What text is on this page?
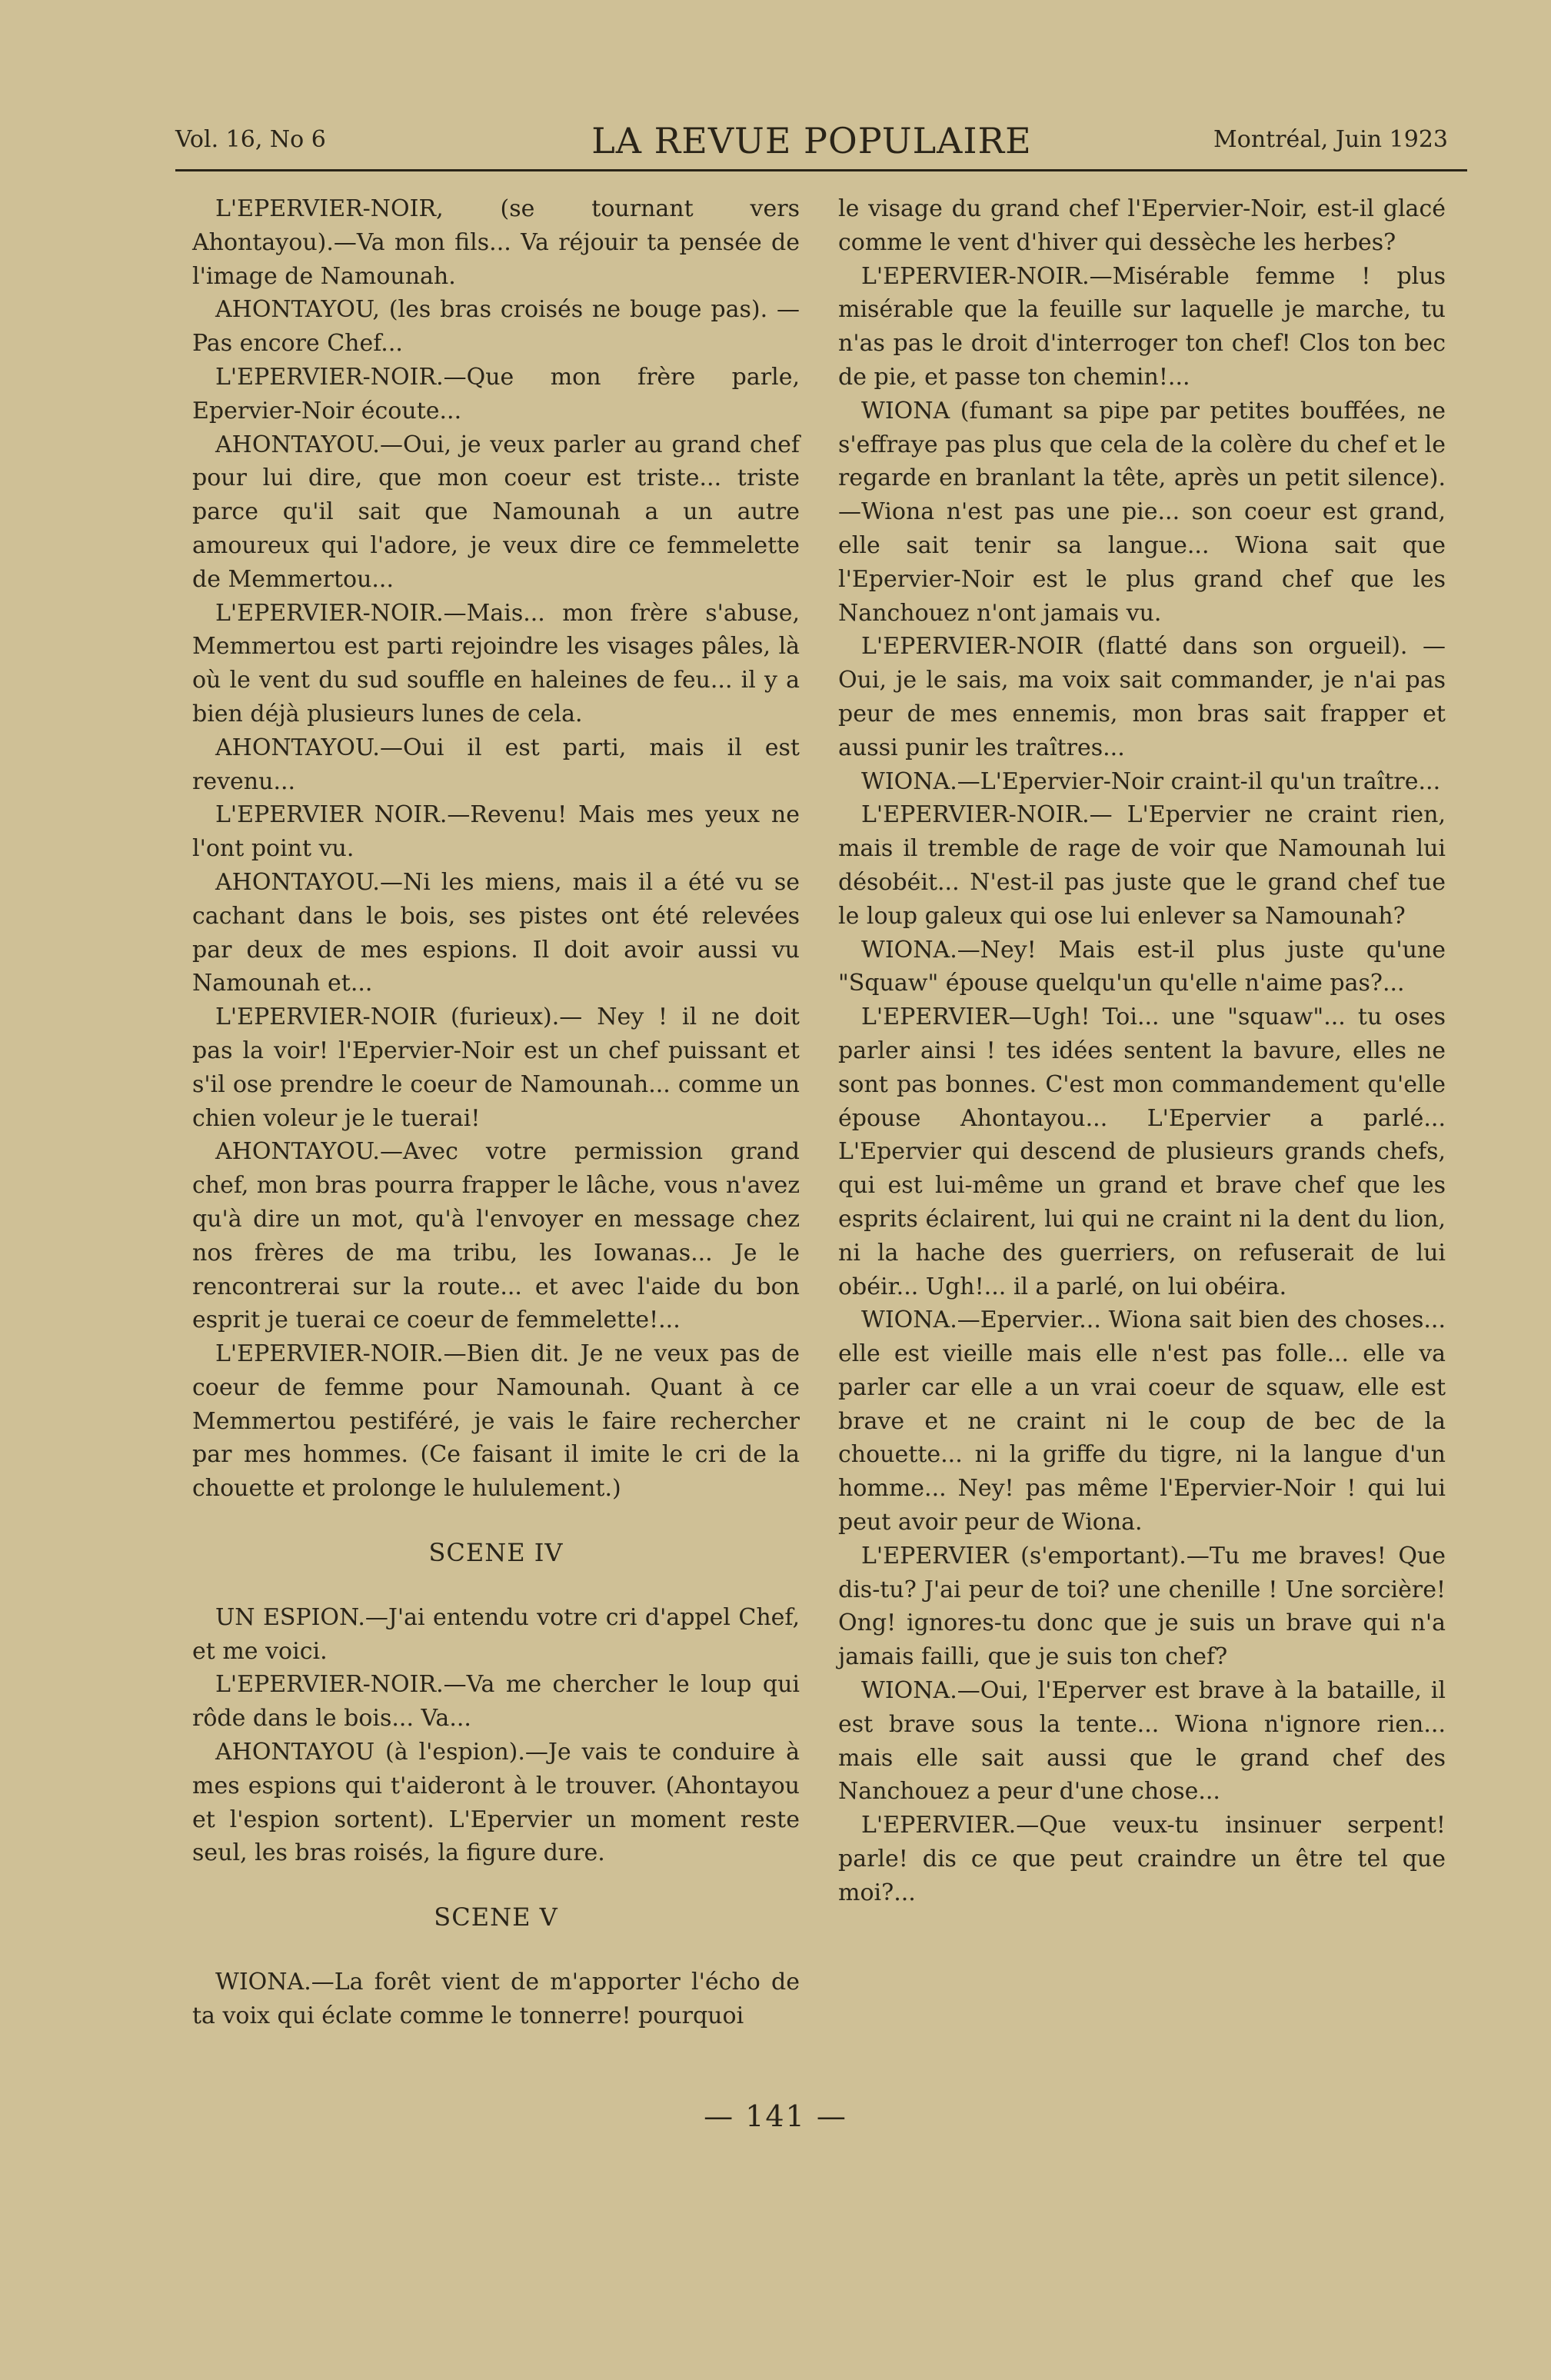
Vol. 16, No 6	LA REVUE POPULAIRE	Montréal, Juin 1923

L'EPERVIER-NOIR, (se tournant vers Ahontayou).—Va mon fils... Va réjouir ta pensée de l'image de Namounah.

AHONTAYOU, (les bras croisés ne bouge pas). —Pas encore Chef...

L'EPERVIER-NOIR.—Que mon frère parle, Epervier-Noir écoute...

AHONTAYOU.—Oui, je veux parler au grand chef pour lui dire, que mon coeur est triste... triste parce qu'il sait que Namounah a un autre amoureux qui l'adore, je veux dire ce femmelette de Memmertou...

L'EPERVIER-NOIR.—Mais... mon frère s'abuse, Memmertou est parti rejoindre les visages pâles, là où le vent du sud souffle en haleines de feu... il y a bien déjà plusieurs lunes de cela.

AHONTAYOU.—Oui il est parti, mais il est revenu...

L'EPERVIER NOIR.—Revenu! Mais mes yeux ne l'ont point vu.

AHONTAYOU.—Ni les miens, mais il a été vu se cachant dans le bois, ses pistes ont été relevées par deux de mes espions. Il doit avoir aussi vu Namounah et...

L'EPERVIER-NOIR (furieux).— Ney ! il ne doit pas la voir! l'Epervier-Noir est un chef puissant et s'il ose prendre le coeur de Namounah... comme un chien voleur je le tuerai!

AHONTAYOU.—Avec votre permission grand chef, mon bras pourra frapper le lâche, vous n'avez qu'à dire un mot, qu'à l'envoyer en message chez nos frères de ma tribu, les Iowanas... Je le rencontrerai sur la route... et avec l'aide du bon esprit je tuerai ce coeur de femmelette!...

L'EPERVIER-NOIR.—Bien dit. Je ne veux pas de coeur de femme pour Namounah. Quant à ce Memmertou pestiféré, je vais le faire rechercher par mes hommes. (Ce faisant il imite le cri de la chouette et prolonge le hululement.)

SCENE IV

UN ESPION.—J'ai entendu votre cri d'appel Chef, et me voici.

L'EPERVIER-NOIR.—Va me chercher le loup qui rôde dans le bois... Va...

AHONTAYOU (à l'espion).—Je vais te conduire à mes espions qui t'aideront à le trouver. (Ahontayou et l'espion sortent). L'Epervier un moment reste seul, les bras roisés, la figure dure.

SCENE V

WIONA.—La forêt vient de m'apporter l'écho de ta voix qui éclate comme le tonnerre! pourquoi

le visage du grand chef l'Epervier-Noir, est-il glacé comme le vent d'hiver qui dessèche les herbes?

L'EPERVIER-NOIR.—Misérable femme ! plus misérable que la feuille sur laquelle je marche, tu n'as pas le droit d'interroger ton chef! Clos ton bec de pie, et passe ton chemin!...

WIONA (fumant sa pipe par petites bouffées, ne s'effraye pas plus que cela de la colère du chef et le regarde en branlant la tête, après un petit silence).—Wiona n'est pas une pie... son coeur est grand, elle sait tenir sa langue... Wiona sait que l'Epervier-Noir est le plus grand chef que les Nanchouez n'ont jamais vu.

L'EPERVIER-NOIR (flatté dans son orgueil). —Oui, je le sais, ma voix sait commander, je n'ai pas peur de mes ennemis, mon bras sait frapper et aussi punir les traîtres...

WIONA.—L'Epervier-Noir craint-il qu'un traître...

L'EPERVIER-NOIR.— L'Epervier ne craint rien, mais il tremble de rage de voir que Namounah lui désobéit... N'est-il pas juste que le grand chef tue le loup galeux qui ose lui enlever sa Namounah?

WIONA.—Ney! Mais est-il plus juste qu'une "Squaw" épouse quelqu'un qu'elle n'aime pas?...

L'EPERVIER—Ugh! Toi... une "squaw"... tu oses parler ainsi ! tes idées sentent la bavure, elles ne sont pas bonnes. C'est mon commandement qu'elle épouse Ahontayou... L'Epervier a parlé... L'Epervier qui descend de plusieurs grands chefs, qui est lui-même un grand et brave chef que les esprits éclairent, lui qui ne craint ni la dent du lion, ni la hache des guerriers, on refuserait de lui obéir... Ugh!... il a parlé, on lui obéira.

WIONA.—Epervier... Wiona sait bien des choses... elle est vieille mais elle n'est pas folle... elle va parler car elle a un vrai coeur de squaw, elle est brave et ne craint ni le coup de bec de la chouette... ni la griffe du tigre, ni la langue d'un homme... Ney! pas même l'Epervier-Noir ! qui lui peut avoir peur de Wiona.

L'EPERVIER (s'emportant).—Tu me braves! Que dis-tu? J'ai peur de toi? une chenille ! Une sorcière! Ong! ignores-tu donc que je suis un brave qui n'a jamais failli, que je suis ton chef?

WIONA.—Oui, l'Eperver est brave à la bataille, il est brave sous la tente... Wiona n'ignore rien... mais elle sait aussi que le grand chef des Nanchouez a peur d'une chose...

L'EPERVIER.—Que veux-tu insinuer serpent! parle! dis ce que peut craindre un être tel que moi?...

— 141 —
